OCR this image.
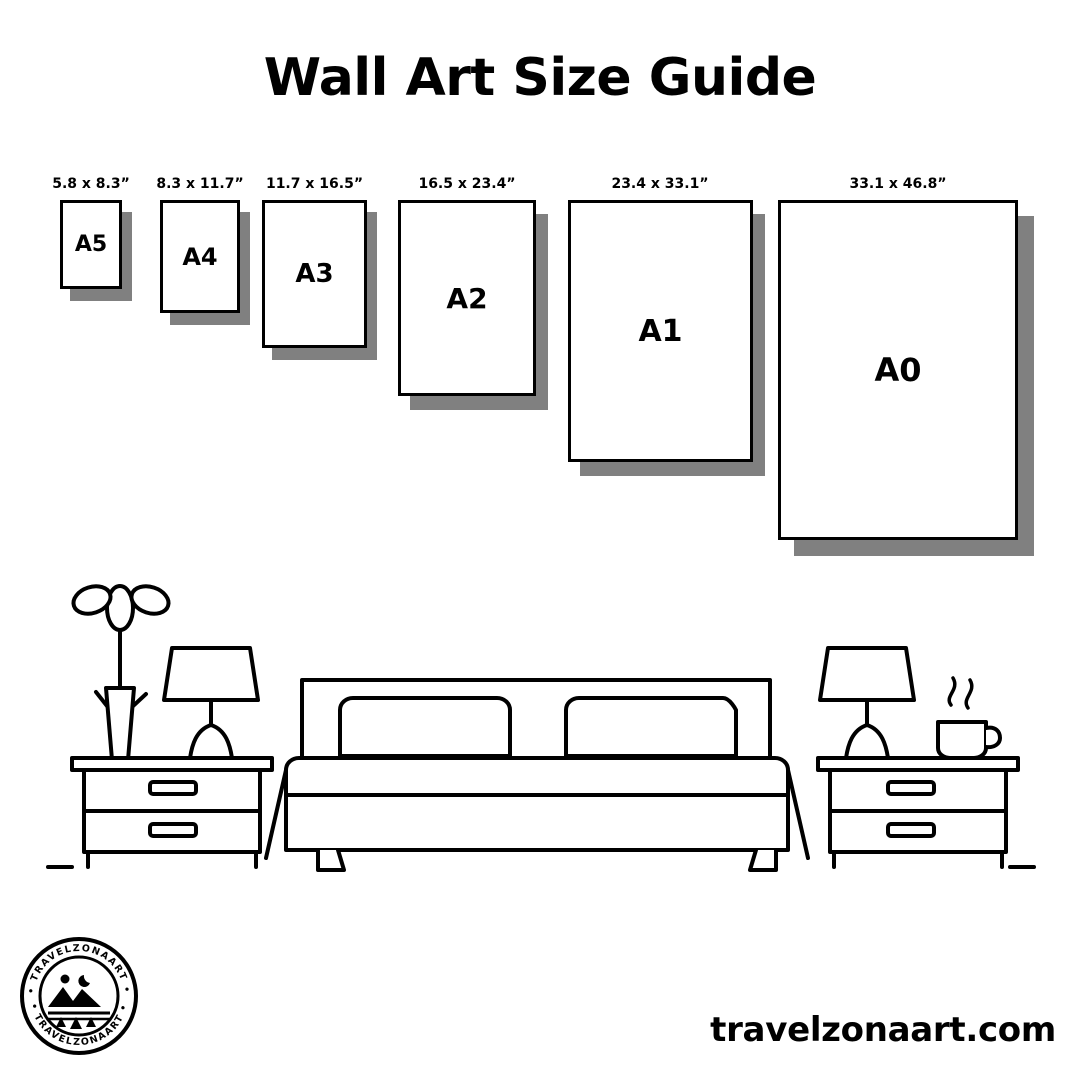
Wall Art Size Guide
5.8 x 8.3”
A5
8.3 x 11.7”
A4
11.7 x 16.5”
A3
16.5 x 23.4”
A2
23.4 x 33.1”
A1
33.1 x 46.8”
A0
• TRAVELZONAART •
• TRAVELZONAART •
travelzonaart.com
